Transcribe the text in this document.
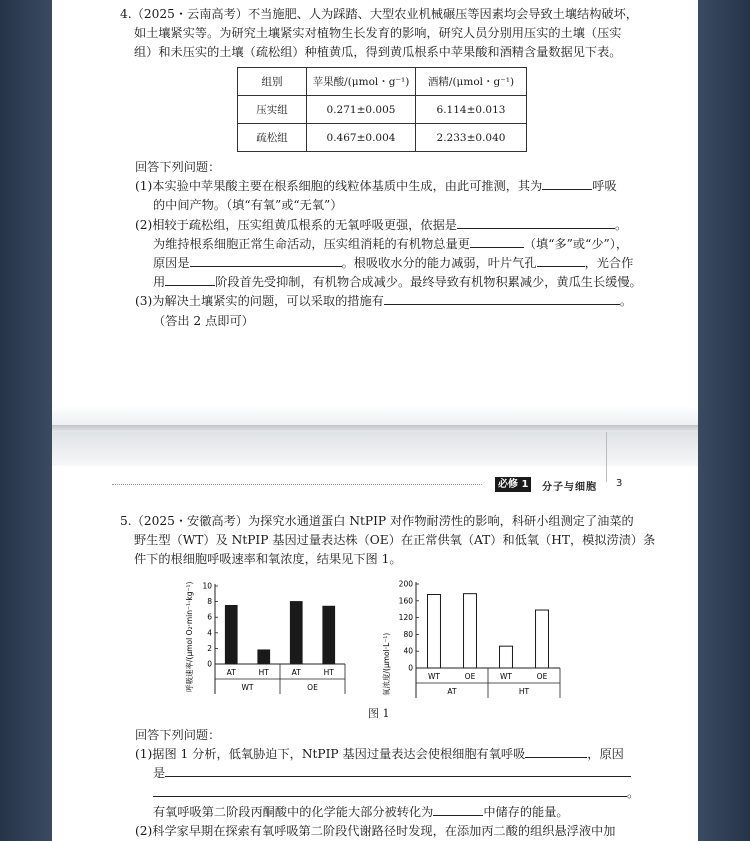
4.（2025・云南高考）不当施肥、人为踩踏、大型农业机械碾压等因素均会导致土壤结构破坏，
如土壤紧实等。为研究土壤紧实对植物生长发育的影响，研究人员分别用压实的土壤（压实
组）和未压实的土壤（疏松组）种植黄瓜，得到黄瓜根系中苹果酸和酒精含量数据见下表。
组别	苹果酸/(μmol・g⁻¹)	酒精/(μmol・g⁻¹)
压实组	0.271±0.005	6.114±0.013
疏松组	0.467±0.004	2.233±0.040
回答下列问题：
(1)本实验中苹果酸主要在根系细胞的线粒体基质中生成，由此可推测，其为	呼吸
的中间产物。（填“有氧”或“无氧”）
(2)相较于疏松组，压实组黄瓜根系的无氧呼吸更强，依据是	。
为维持根系细胞正常生命活动，压实组消耗的有机物总量更	（填“多”或“少”），
原因是	。根吸收水分的能力减弱，叶片气孔	，光合作
用	阶段首先受抑制，有机物合成减少。最终导致有机物积累减少，黄瓜生长缓慢。
(3)为解决土壤紧实的问题，可以采取的措施有	。
（答出 2 点即可）
必修 1	分子与细胞 3
5.（2025・安徽高考）为探究水通道蛋白 NtPIP 对作物耐涝性的影响，科研小组测定了油菜的
野生型（WT）及 NtPIP 基因过量表达株（OE）在正常供氧（AT）和低氧（HT，模拟涝渍）条
件下的根细胞呼吸速率和氧浓度，结果见下图 1。
呼吸速率/(μmol O₂·min⁻¹·kg⁻¹) 0
2
4
6
8
10
AT	HT	AT	HT
WT	OE	氧浓度/(μmol·L⁻¹) 0
40
80
120
160
200
WT	OE	WT	OE
AT	HT
图 1
回答下列问题：
(1)据图 1 分析，低氧胁迫下，NtPIP 基因过量表达会使根细胞有氧呼吸	，原因
是
。
有氧呼吸第二阶段丙酮酸中的化学能大部分被转化为	中储存的能量。
(2)科学家早期在探索有氧呼吸第二阶段代谢路径时发现，在添加丙二酸的组织悬浮液中加
